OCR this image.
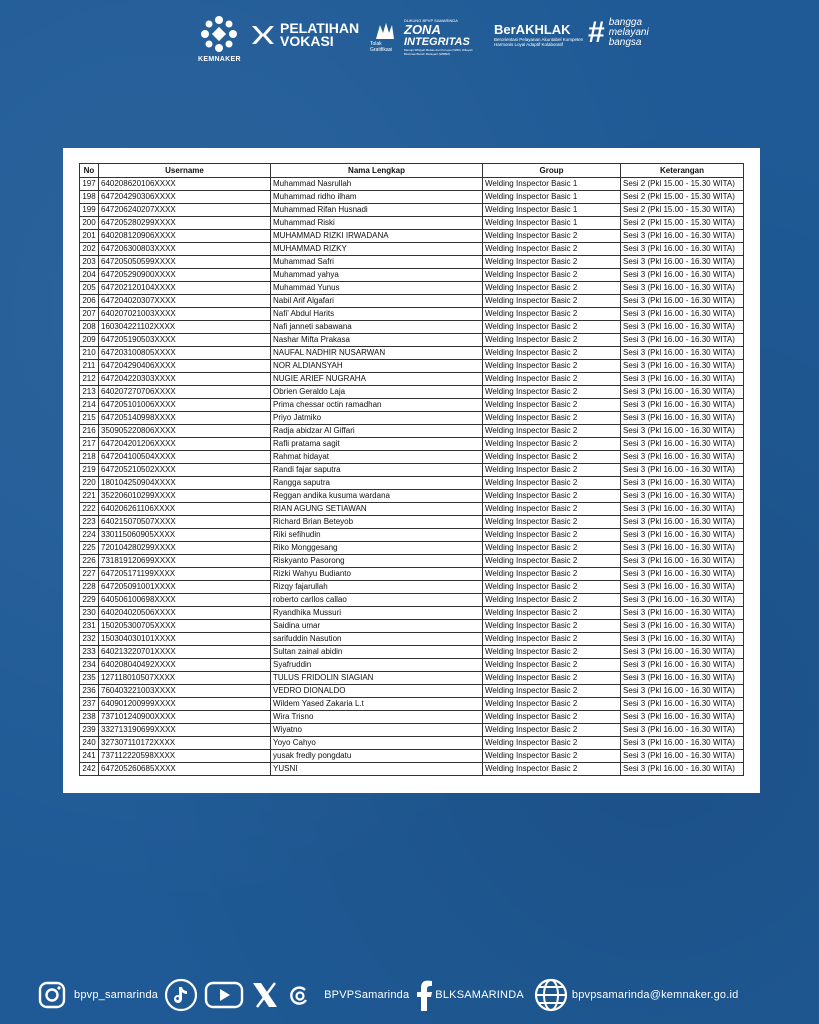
KEMNAKER
PELATIHAN
VOKASI	Tolak Gratifikasi
DUKUNG BPVP SAMARINDA
ZONA
INTEGRITAS
Menuju Wilayah Bebas dari Korupsi (WBK) Wilayah Birokrasi Bersih Melayani (WBBM)
BerAKHLAK
Berorientasi Pelayanan Akuntabel Kompeten Harmonis Loyal Adaptif Kolaboratif # bangga
melayani
bangsa
No	Username	Nama Lengkap	Group	Keterangan
197	640208620106XXXX	Muhammad Nasrullah	Welding Inspector Basic 1	Sesi 2 (Pkl 15.00 - 15.30 WITA)
198	647204290306XXXX	Muhammad ridho ilham	Welding Inspector Basic 1	Sesi 2 (Pkl 15.00 - 15.30 WITA)
199	647206240207XXXX	Muhammad Rifan Husnadi	Welding Inspector Basic 1	Sesi 2 (Pkl 15.00 - 15.30 WITA)
200	647205280299XXXX	Muhammad Riski	Welding Inspector Basic 1	Sesi 2 (Pkl 15.00 - 15.30 WITA)
201	640208120906XXXX	MUHAMMAD RIZKI IRWADANA	Welding Inspector Basic 2	Sesi 3 (Pkl 16.00 - 16.30 WITA)
202	647206300803XXXX	MUHAMMAD RIZKY	Welding Inspector Basic 2	Sesi 3 (Pkl 16.00 - 16.30 WITA)
203	647205050599XXXX	Muhammad Safri	Welding Inspector Basic 2	Sesi 3 (Pkl 16.00 - 16.30 WITA)
204	647205290900XXXX	Muhammad yahya	Welding Inspector Basic 2	Sesi 3 (Pkl 16.00 - 16.30 WITA)
205	647202120104XXXX	Muhammad Yunus	Welding Inspector Basic 2	Sesi 3 (Pkl 16.00 - 16.30 WITA)
206	647204020307XXXX	Nabil Arif Algafari	Welding Inspector Basic 2	Sesi 3 (Pkl 16.00 - 16.30 WITA)
207	640207021003XXXX	Nafi' Abdul Harits	Welding Inspector Basic 2	Sesi 3 (Pkl 16.00 - 16.30 WITA)
208	160304221102XXXX	Nafi janneti sabawana	Welding Inspector Basic 2	Sesi 3 (Pkl 16.00 - 16.30 WITA)
209	647205190503XXXX	Nashar Mifta Prakasa	Welding Inspector Basic 2	Sesi 3 (Pkl 16.00 - 16.30 WITA)
210	647203100805XXXX	NAUFAL NADHIR NUSARWAN	Welding Inspector Basic 2	Sesi 3 (Pkl 16.00 - 16.30 WITA)
211	647204290406XXXX	NOR ALDIANSYAH	Welding Inspector Basic 2	Sesi 3 (Pkl 16.00 - 16.30 WITA)
212	647204220303XXXX	NUGIE ARIEF NUGRAHA	Welding Inspector Basic 2	Sesi 3 (Pkl 16.00 - 16.30 WITA)
213	640207270706XXXX	Obrien Geraldo Laja	Welding Inspector Basic 2	Sesi 3 (Pkl 16.00 - 16.30 WITA)
214	647205101006XXXX	Prima chessar octin ramadhan	Welding Inspector Basic 2	Sesi 3 (Pkl 16.00 - 16.30 WITA)
215	647205140998XXXX	Priyo Jatmiko	Welding Inspector Basic 2	Sesi 3 (Pkl 16.00 - 16.30 WITA)
216	350905220806XXXX	Radja abidzar Al Giffari	Welding Inspector Basic 2	Sesi 3 (Pkl 16.00 - 16.30 WITA)
217	647204201206XXXX	Rafli pratama sagit	Welding Inspector Basic 2	Sesi 3 (Pkl 16.00 - 16.30 WITA)
218	647204100504XXXX	Rahmat hidayat	Welding Inspector Basic 2	Sesi 3 (Pkl 16.00 - 16.30 WITA)
219	647205210502XXXX	Randi fajar saputra	Welding Inspector Basic 2	Sesi 3 (Pkl 16.00 - 16.30 WITA)
220	180104250904XXXX	Rangga saputra	Welding Inspector Basic 2	Sesi 3 (Pkl 16.00 - 16.30 WITA)
221	352206010299XXXX	Reggan andika kusuma wardana	Welding Inspector Basic 2	Sesi 3 (Pkl 16.00 - 16.30 WITA)
222	640206261106XXXX	RIAN AGUNG SETIAWAN	Welding Inspector Basic 2	Sesi 3 (Pkl 16.00 - 16.30 WITA)
223	640215070507XXXX	Richard Brian Beteyob	Welding Inspector Basic 2	Sesi 3 (Pkl 16.00 - 16.30 WITA)
224	330115060905XXXX	Riki sefihudin	Welding Inspector Basic 2	Sesi 3 (Pkl 16.00 - 16.30 WITA)
225	720104280299XXXX	Riko Monggesang	Welding Inspector Basic 2	Sesi 3 (Pkl 16.00 - 16.30 WITA)
226	731819120699XXXX	Riskyanto Pasorong	Welding Inspector Basic 2	Sesi 3 (Pkl 16.00 - 16.30 WITA)
227	647205171199XXXX	Rizki Wahyu Budianto	Welding Inspector Basic 2	Sesi 3 (Pkl 16.00 - 16.30 WITA)
228	647205091001XXXX	Rizqy fajarullah	Welding Inspector Basic 2	Sesi 3 (Pkl 16.00 - 16.30 WITA)
229	640506100698XXXX	roberto carllos callao	Welding Inspector Basic 2	Sesi 3 (Pkl 16.00 - 16.30 WITA)
230	640204020506XXXX	Ryandhika Mussuri	Welding Inspector Basic 2	Sesi 3 (Pkl 16.00 - 16.30 WITA)
231	150205300705XXXX	Saidina umar	Welding Inspector Basic 2	Sesi 3 (Pkl 16.00 - 16.30 WITA)
232	150304030101XXXX	sarifuddin Nasution	Welding Inspector Basic 2	Sesi 3 (Pkl 16.00 - 16.30 WITA)
233	640213220701XXXX	Sultan zainal abidin	Welding Inspector Basic 2	Sesi 3 (Pkl 16.00 - 16.30 WITA)
234	640208040492XXXX	Syafruddin	Welding Inspector Basic 2	Sesi 3 (Pkl 16.00 - 16.30 WITA)
235	127118010507XXXX	TULUS FRIDOLIN SIAGIAN	Welding Inspector Basic 2	Sesi 3 (Pkl 16.00 - 16.30 WITA)
236	760403221003XXXX	VEDRO DIONALDO	Welding Inspector Basic 2	Sesi 3 (Pkl 16.00 - 16.30 WITA)
237	640901200999XXXX	Wildem Yased Zakaria L.t	Welding Inspector Basic 2	Sesi 3 (Pkl 16.00 - 16.30 WITA)
238	737101240900XXXX	Wira Trisno	Welding Inspector Basic 2	Sesi 3 (Pkl 16.00 - 16.30 WITA)
239	332713190699XXXX	Wiyatno	Welding Inspector Basic 2	Sesi 3 (Pkl 16.00 - 16.30 WITA)
240	327307110172XXXX	Yoyo Cahyo	Welding Inspector Basic 2	Sesi 3 (Pkl 16.00 - 16.30 WITA)
241	737112220598XXXX	yusak fredly pongdatu	Welding Inspector Basic 2	Sesi 3 (Pkl 16.00 - 16.30 WITA)
242	647205260685XXXX	YUSNI	Welding Inspector Basic 2	Sesi 3 (Pkl 16.00 - 16.30 WITA)
bpvp_samarinda	BPVPSamarinda BLKSAMARINDA	bpvpsamarinda@kemnaker.go.id
